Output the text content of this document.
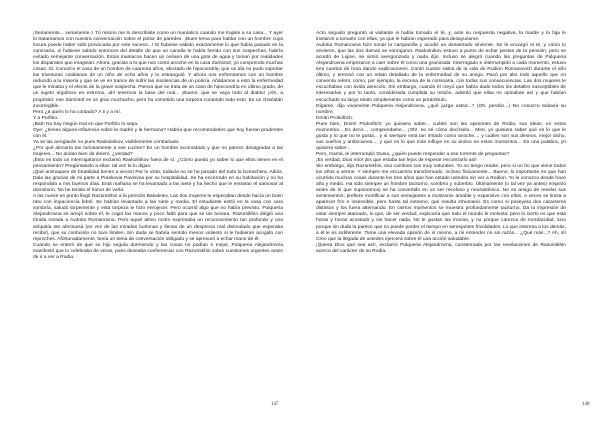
¡Seriamente... seriamente..! Tú mismo me lo describiste como un maníatico cuando me trajiste a su casa... Y ayer lo tratamamos con nuestra conversación sobre el pintor de paredes. ¡Buen tema para hablar con un hombre cuya locura puede haber sido provocada por este suceso...! Si hubiese sabido exactamente lo que había pasado en la comisaría, si hubiese sabido entonces del detalle de que un canalla le había herido con sus sospechas, habría evitado semejante conversación. Estos maníacos hacen un océano de una gota de agua y toman por realidades los disparates que imaginan. Ahora, gracias a lo que nos contó anoche en la casa Zamiotof, yo comprendo muchas cosas. Sí. Conozco el caso de un hombre de cuarenta años, afectado de hipocondría, que un día no pudo soportar las trivesuras cotidianas de un niño de ocho años y lo estranguló. Y ahora nos enfrentamos con un hombre reducido a la miseria y que se ve en trance de sufrir las insolencias de un policía. Añádamos a esto la enfermedad que le minaba y el efecto de la grave sospecha. Piensa que se trata de un caso de hipocondría en último grado, de un sujeto orgulloso en extremo, ahí tenemos la base del mal... ¡Bueno, que se vaya todo al diablo! ¡Ah!, a propósito: ese Zamiotof es un gran muchacho, pero ha cometido una torpeza contando todo esto. Es un charlatán incorregible.

Pero ¿a quién lo ha contado? A ti y a mí.

Y a Porfirio.

¡Bah! No hay ningún mal en que Porfirio lo sepa.

Oye: ¿tienes alguna influencia sobre la madre y la hermana? Habría que recomendarles que hoy fueran prudentes con él.

Ya se las arreglarán no pues Raskolnikov, visiblemente contrariado.

¿Por qué alecaría tan furiosamente a ese Luzine? Es un hombre acomodado y que no parece desagradar a las mujeres... No andan bien de dinero, ¿verdad?

¡Esto es todo un interrogatorio! exclamó Raskolnikov fuera de sí. ¿Cómo puedo yo saber lo que ellos tienen en el pensamiento? Pregúntaselo a ellas: tal vez te lo digan.

¡Qué animaques de brutalidad tienes a veces! Por lo visto, todavía no se ha pasado del todo la borrachera. Adiós. Dale las gracias de mi parte a Praskovia Pavlovna por su hospitalidad. Se ha encerrado en su habitación y no ha respondido a mis buenos días. Está mañana se ha levantado a las siete y ha hecho que le entraran el samovar al dormitorio. No he tenido el honor de verla.

A las nueve en punto llegó Razumikhin a la pensión Bakaleiev. Las dos mujeres le esperaban desde hacía un buen rato con impaciencia febril. Se habían levantado a las siete y media. El estudiante entró en la casa con cara sombría, saludó torpemente y esta torpeza le hizo enrojecer. Pero ocurrió algo que no había previsto. Pulqueria Alejandrovna se arrojó sobre él, le cogió las manos y poco faltó para que se las besara. Razumikhin dirigió una tímida mirada a Avdotia Romanovna. Pero aquel altivo rostro expresaba un reconocimiento tan profundo y una simpatía tan afectuosa (en vez de las miradas burlonas y llenas de un desprecio mal disimulado que esperaba recibir), que su confusión no tuvo límites. Sin duda se habría sentido menos violento si le hubieran acogido con reproches. Afortunadamente, tenía un tema de conversación obligado y se apresuró a echar mano de él.

Cuando se enteró de que su hijo seguía durmiendo y las cosas no podían ir mejor, Pulqueria Alejandrovna manifestó que lo celebraba de veras, pues deseaba conferenciar con Razumikhin sobre cuestiones urgentes antes de ir a ver a Rodia.

147

Acto seguido preguntó al visitante si había tomado el té, y, ante su respuesta negativa, la madre y la hija le invitaron a tomarlo con ellas, ya que le habían esperado para desayunarse.

Avdotia Romanovna hizo sonar la campanilla y acudió un desastrado sirviente. Se le encargó el té, y cómo lo sirvieron, que las dos damas se sonrojaron. Raskolnikov estuvo a punto de echar pestes de la pensión, pero se acordó de Lujine, se sintió avergonzado y nada dijo. Incluso se alegró cuando las preguntas de Pulqueria Alejandrovna empezaron a caer sobre él como una granizada. Interrogado e interrumpido a cada momento, estuvo tres cuartos de hora dando explicaciones. Contó cuanto sabía de la vida de Rodion Romanovich durante el año último, y terminó con un relato detallado de la enfermedad de su amigo. Pasó por alto todo aquello que no convenía referir, como, por ejemplo, la escena de la comisaría, con todas sus consecuencias. Las dos mujeres le escuchaban con ávida atención. Sin embargo, cuando él creyó que había dado todos los detalles susceptibles de interesarlas y por lo tanto, considerada cumplida su misión, advirtió que ellas no opinaban así y que habían escuchado su largo relato simplemente como un preámbulo.

Dígame, dijo vivamente Pulqueria Alejandrovna, ¿qué juzga usted...? (Oh, perdón...) No conozco todavía su nombre.

Dmitri Prokofitch.

Pues bien, Dmitri Prokofitch; yo quisiera saber... cuáles son las opiniones de Rodia, sus ideas, en estos momentos... Es decir..., comprendame... ¡Oh!, no sé cómo decírselo... Mire, yo quisiera saber qué es lo que le gusta y lo que no le gusta... y si siempre está tan irritado como anoche..., y cuáles son sus deseos, mejor dicho, sus sueños y ambiciones..., y qué es lo que más influye en su ánimo en estos momentos... En una palabra, yo quisiera saber...

Pero, mamá, le interrumpió Dunia, ¿quién puede responder a ese torrente de preguntas?

¡Es verdad, Dios mío! ¡Es que estaba tan lejos de esperar encontrarlo así!

Sin embargo, dijo Razumikhin, eso cambios son muy naturales. Yo no tengo madre, pero si un tío que viene todos los años a verme. Y siempre me encuentra transformado, incluso físicamente... Bueno, lo importante es que han ocurrido muchas cosas durante los tres años que han estado ustedes sin ver a Rodion. Yo le conozco desde hace año y medio. Ha sido siempre un hombre taciturno, sombrío y soberbio. Últimamente (o tal vez ya antes) empezó antes de lo que suponemos) se ha convertido en un ser receloso y neurasténico. No es amigo de revelar sus sentimientos; prefiere mortificar a sus semejantes a mostrarse amable y expansivo con ellos. A veces se limita a aparecer frío e insensible, pero hasta tal extremo, que resulta inhumano. Es como si poseyera dos caracteres distintos y los fuera alternando. En ciertos momentos se muestra profundamente taciturno. Da la impresión de estar siempre atareado, lo que, de ser verdad, explicaría que todo el mundo le molesta; pero lo cierto es que está horas y horas acostado y sin hacer nada. No le gustan las ironías, y no porque carezca de mordacidad, sino porque sin duda la parece que no puede perder el tiempo en semejantes frivolidades. Lo que interesa a los demás, a él le es indiferente. Tiene una elevada opinión de sí mismo, a mi entender no sin razón... ¿Qué más...? Ah, sí! Creo que la llegada de ustedes ejercerá sobre él una acción saludable.

¡Quiera Dios que sea así!, exclamó Pulqueria Alejandrovna, consternada por las revelaciones de Razumikhin acerca del carácter de su Rodia.

148
